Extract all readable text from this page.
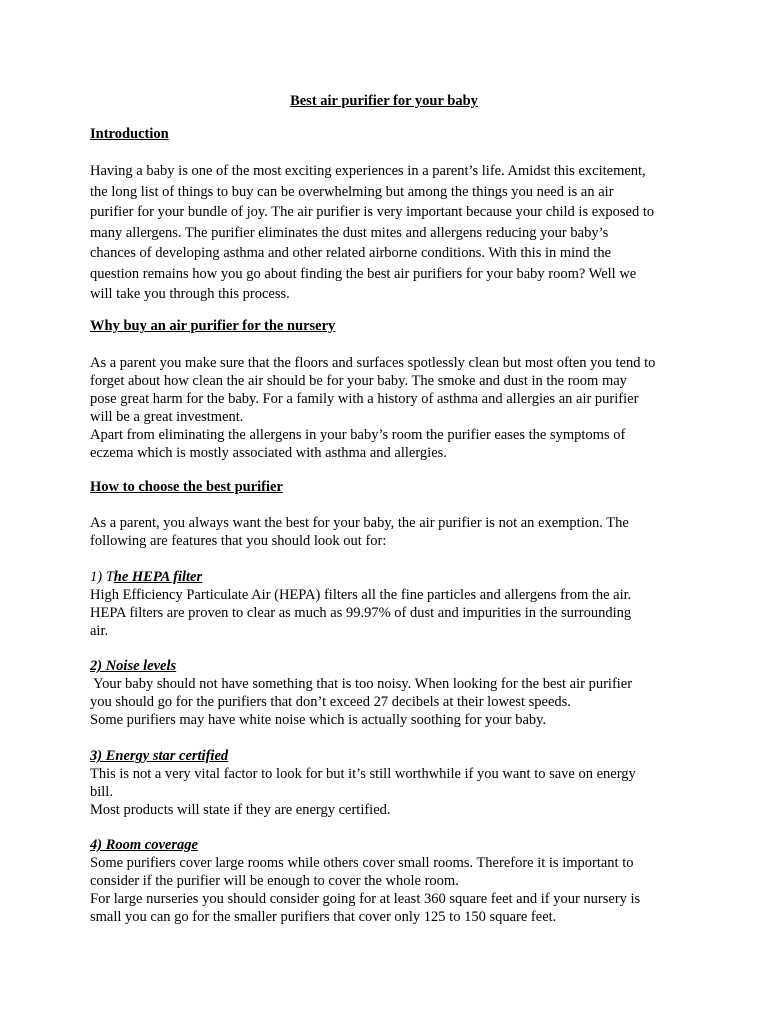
Best air purifier for your baby

Introduction

Having a baby is one of the most exciting experiences in a parent’s life. Amidst this excitement,
the long list of things to buy can be overwhelming but among the things you need is an air
purifier for your bundle of joy. The air purifier is very important because your child is exposed to
many allergens. The purifier eliminates the dust mites and allergens reducing your baby’s
chances of developing asthma and other related airborne conditions. With this in mind the
question remains how you go about finding the best air purifiers for your baby room? Well we
will take you through this process.

Why buy an air purifier for the nursery

As a parent you make sure that the floors and surfaces spotlessly clean but most often you tend to
forget about how clean the air should be for your baby. The smoke and dust in the room may
pose great harm for the baby. For a family with a history of asthma and allergies an air purifier
will be a great investment.
Apart from eliminating the allergens in your baby’s room the purifier eases the symptoms of
eczema which is mostly associated with asthma and allergies.

How to choose the best purifier

As a parent, you always want the best for your baby, the air purifier is not an exemption. The
following are features that you should look out for:
1) The HEPA filter
High Efficiency Particulate Air (HEPA) filters all the fine particles and allergens from the air.
HEPA filters are proven to clear as much as 99.97% of dust and impurities in the surrounding
air.
2) Noise levels
Your baby should not have something that is too noisy. When looking for the best air purifier
you should go for the purifiers that don’t exceed 27 decibels at their lowest speeds.
Some purifiers may have white noise which is actually soothing for your baby.
3) Energy star certified
This is not a very vital factor to look for but it’s still worthwhile if you want to save on energy
bill.
Most products will state if they are energy certified.
4) Room coverage
Some purifiers cover large rooms while others cover small rooms. Therefore it is important to
consider if the purifier will be enough to cover the whole room.
For large nurseries you should consider going for at least 360 square feet and if your nursery is
small you can go for the smaller purifiers that cover only 125 to 150 square feet.
